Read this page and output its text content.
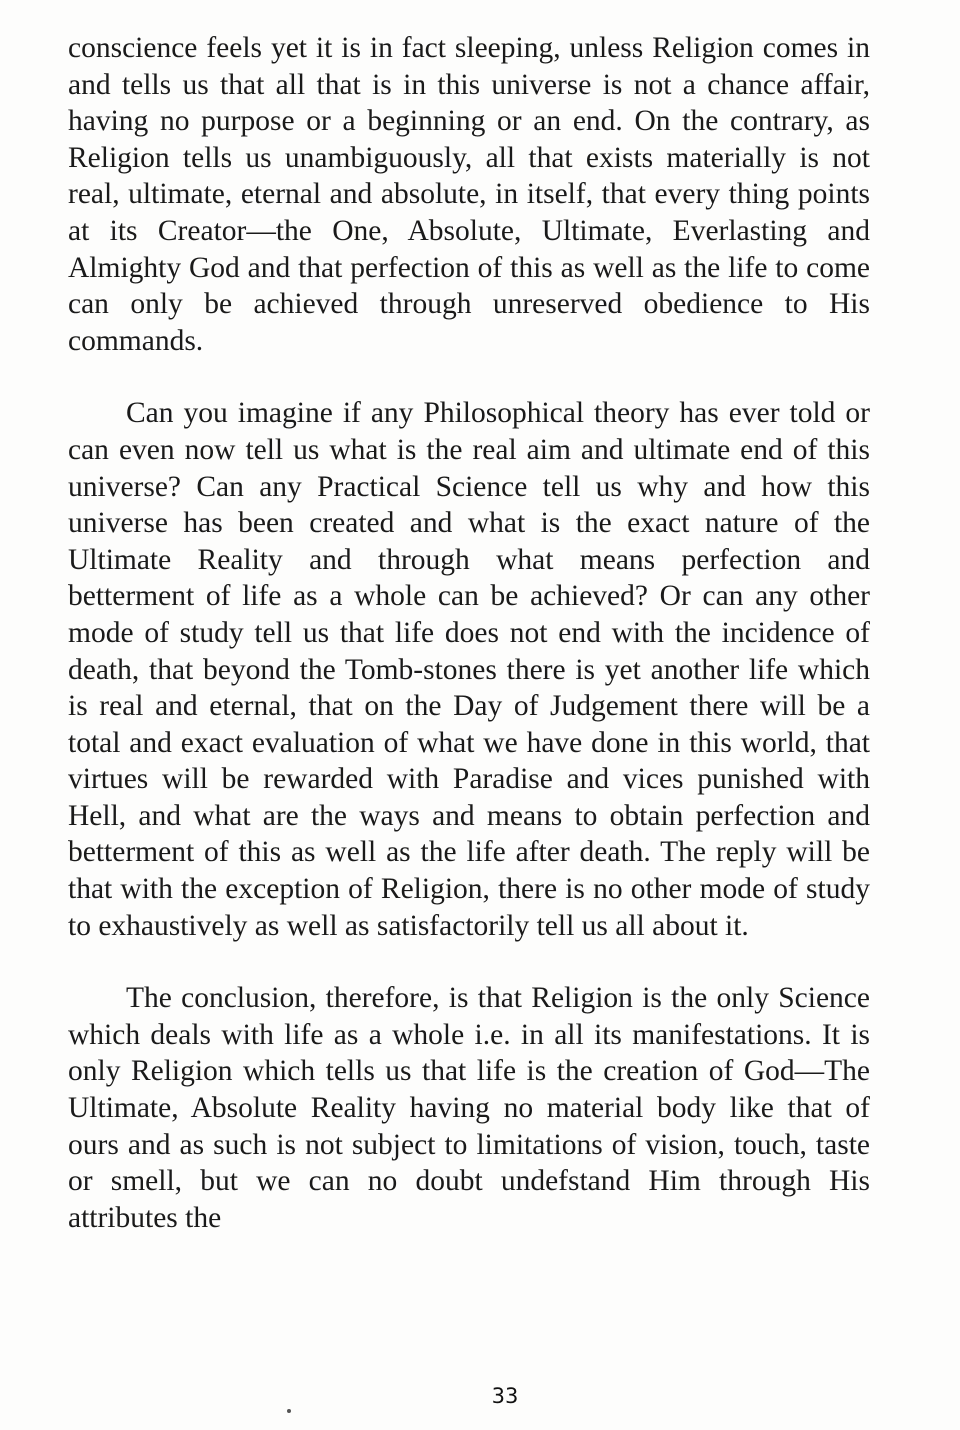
conscience feels yet it is in fact sleeping, unless Religion comes in and tells us that all that is in this universe is not a chance affair, having no purpose or a beginning or an end. On the contrary, as Religion tells us unambiguously, all that exists materially is not real, ultimate, eternal and absolute, in itself, that every thing points at its Creator—the One, Absolute, Ultimate, Everlasting and Almighty God and that perfection of this as well as the life to come can only be achieved through unreserved obedience to His commands.

Can you imagine if any Philosophical theory has ever told or can even now tell us what is the real aim and ultimate end of this universe? Can any Practical Science tell us why and how this universe has been created and what is the exact nature of the Ultimate Reality and through what means perfection and betterment of life as a whole can be achieved? Or can any other mode of study tell us that life does not end with the incidence of death, that beyond the Tomb-stones there is yet another life which is real and eternal, that on the Day of Judgement there will be a total and exact evaluation of what we have done in this world, that virtues will be rewarded with Paradise and vices punished with Hell, and what are the ways and means to obtain perfection and betterment of this as well as the life after death. The reply will be that with the exception of Religion, there is no other mode of study to exhaustively as well as satisfactorily tell us all about it.

The conclusion, therefore, is that Religion is the only Science which deals with life as a whole i.e. in all its manifestations. It is only Religion which tells us that life is the creation of God—The Ultimate, Absolute Reality having no material body like that of ours and as such is not subject to limitations of vision, touch, taste or smell, but we can no doubt undefstand Him through His attributes the

33
